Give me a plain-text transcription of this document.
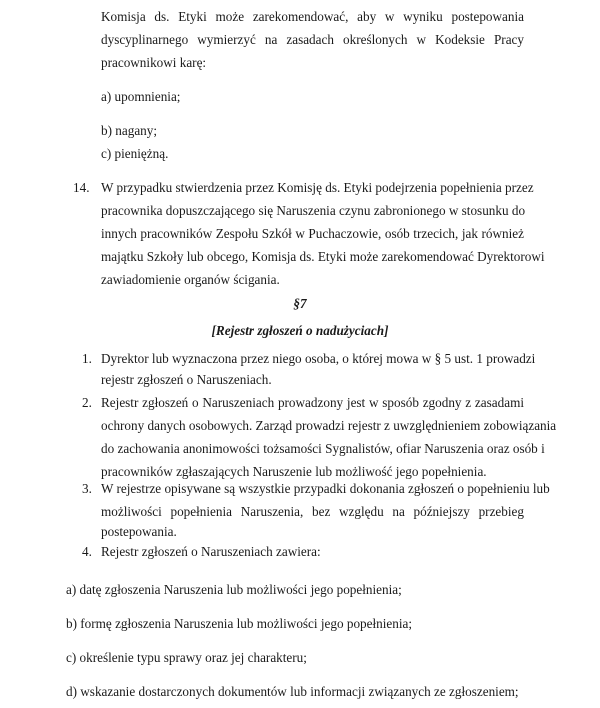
Komisja ds. Etyki może zarekomendować, aby w wyniku postepowania

dyscyplinarnego wymierzyć na zasadach określonych w Kodeksie Pracy

pracownikowi karę:

a) upomnienia;

b) nagany;

c) pieniężną.

14. W przypadku stwierdzenia przez Komisję ds. Etyki podejrzenia popełnienia przez

pracownika dopuszczającego się Naruszenia czynu zabronionego w stosunku do

innych pracowników Zespołu Szkół w Puchaczowie, osób trzecich, jak również

majątku Szkoły lub obcego, Komisja ds. Etyki może zarekomendować Dyrektorowi

zawiadomienie organów ścigania.

§7

[Rejestr zgłoszeń o nadużyciach]

1. Dyrektor lub wyznaczona przez niego osoba, o której mowa w § 5 ust. 1 prowadzi

rejestr zgłoszeń o Naruszeniach.

2. Rejestr zgłoszeń o Naruszeniach prowadzony jest w sposób zgodny z zasadami

ochrony danych osobowych. Zarząd prowadzi rejestr z uwzględnieniem zobowiązania

do zachowania anonimowości tożsamości Sygnalistów, ofiar Naruszenia oraz osób i

pracowników zgłaszających Naruszenie lub możliwość jego popełnienia.

3. W rejestrze opisywane są wszystkie przypadki dokonania zgłoszeń o popełnieniu lub

możliwości popełnienia Naruszenia, bez względu na późniejszy przebieg

postepowania.

4. Rejestr zgłoszeń o Naruszeniach zawiera:

a) datę zgłoszenia Naruszenia lub możliwości jego popełnienia;

b) formę zgłoszenia Naruszenia lub możliwości jego popełnienia;

c) określenie typu sprawy oraz jej charakteru;

d) wskazanie dostarczonych dokumentów lub informacji związanych ze zgłoszeniem;
